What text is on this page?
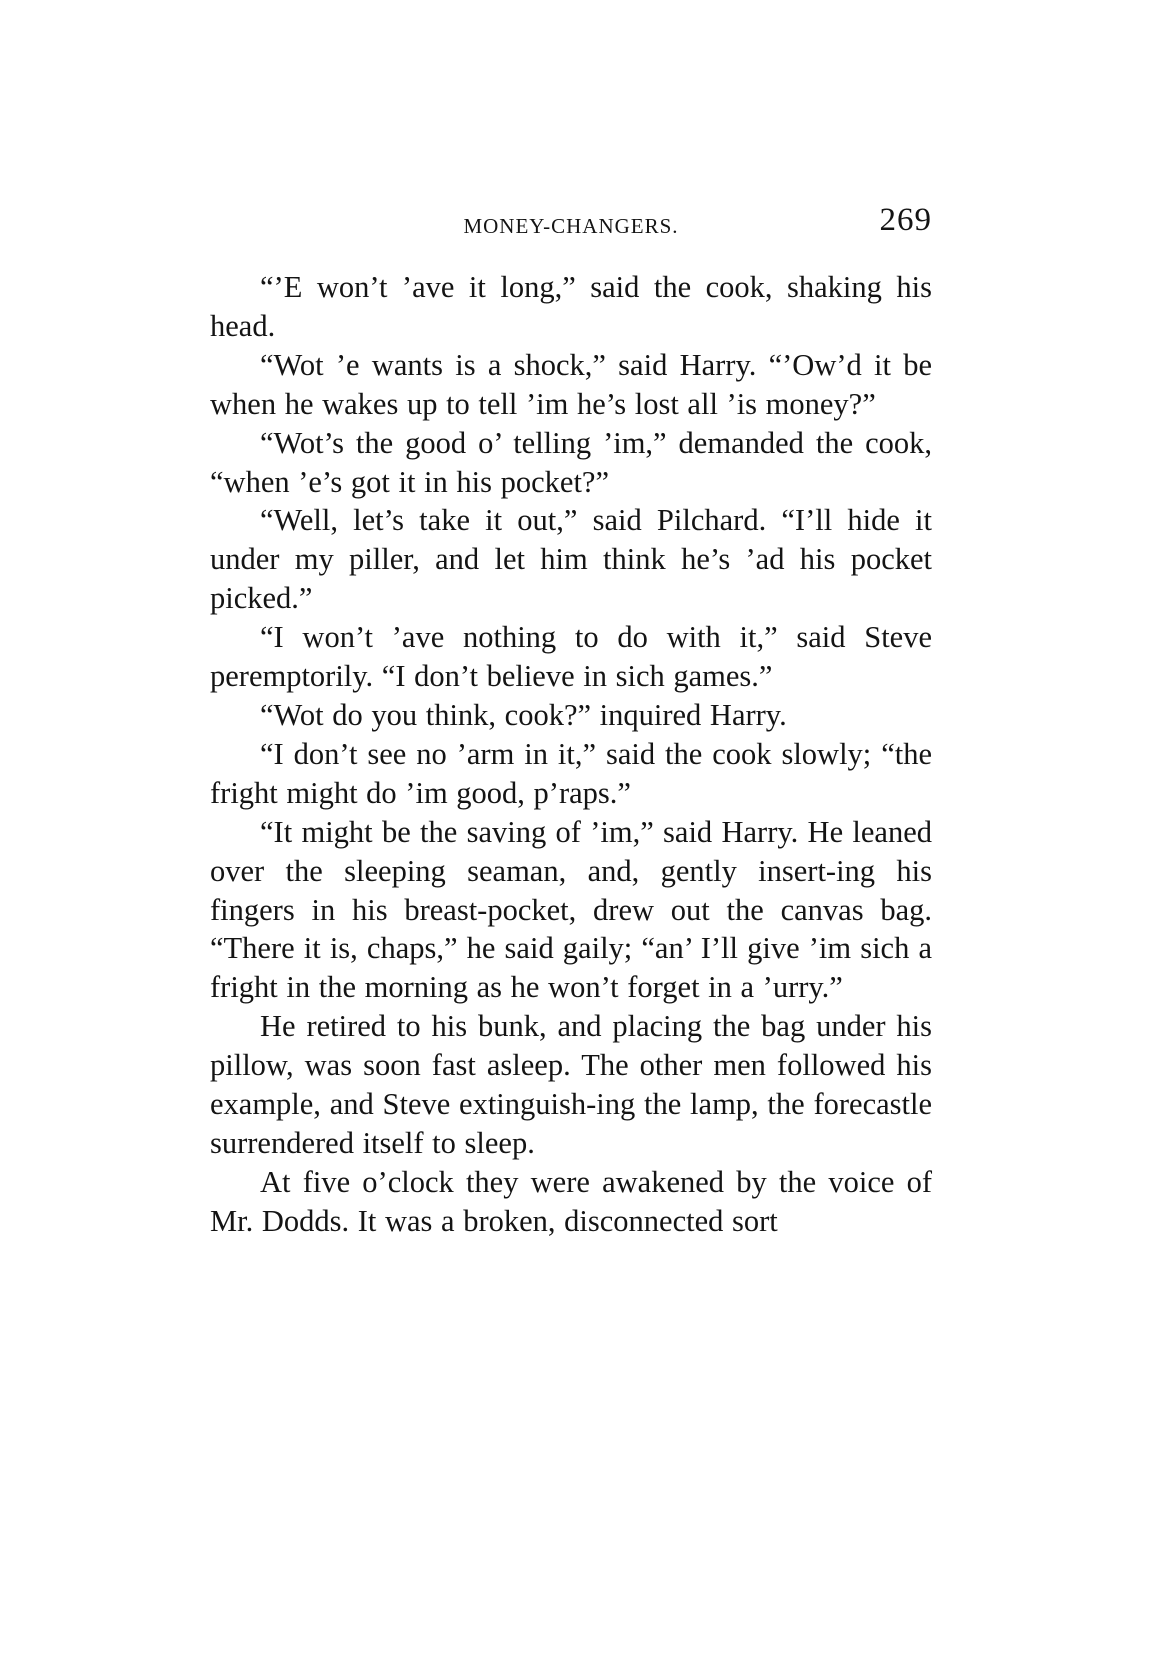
MONEY-CHANGERS.	269

“’E won’t ’ave it long,” said the cook, shaking his head.

“Wot ’e wants is a shock,” said Harry. “’Ow’d it be when he wakes up to tell ’im he’s lost all ’is money?”

“Wot’s the good o’ telling ’im,” demanded the cook, “when ’e’s got it in his pocket?”

“Well, let’s take it out,” said Pilchard. “I’ll hide it under my piller, and let him think he’s ’ad his pocket picked.”

“I won’t ’ave nothing to do with it,” said Steve peremptorily. “I don’t believe in sich games.”

“Wot do you think, cook?” inquired Harry.

“I don’t see no ’arm in it,” said the cook slowly; “the fright might do ’im good, p’raps.”

“It might be the saving of ’im,” said Harry. He leaned over the sleeping seaman, and, gently insert-ing his fingers in his breast-pocket, drew out the canvas bag. “There it is, chaps,” he said gaily; “an’ I’ll give ’im sich a fright in the morning as he won’t forget in a ’urry.”

He retired to his bunk, and placing the bag under his pillow, was soon fast asleep. The other men followed his example, and Steve extinguish-ing the lamp, the forecastle surrendered itself to sleep.

At five o’clock they were awakened by the voice of Mr. Dodds. It was a broken, disconnected sort
